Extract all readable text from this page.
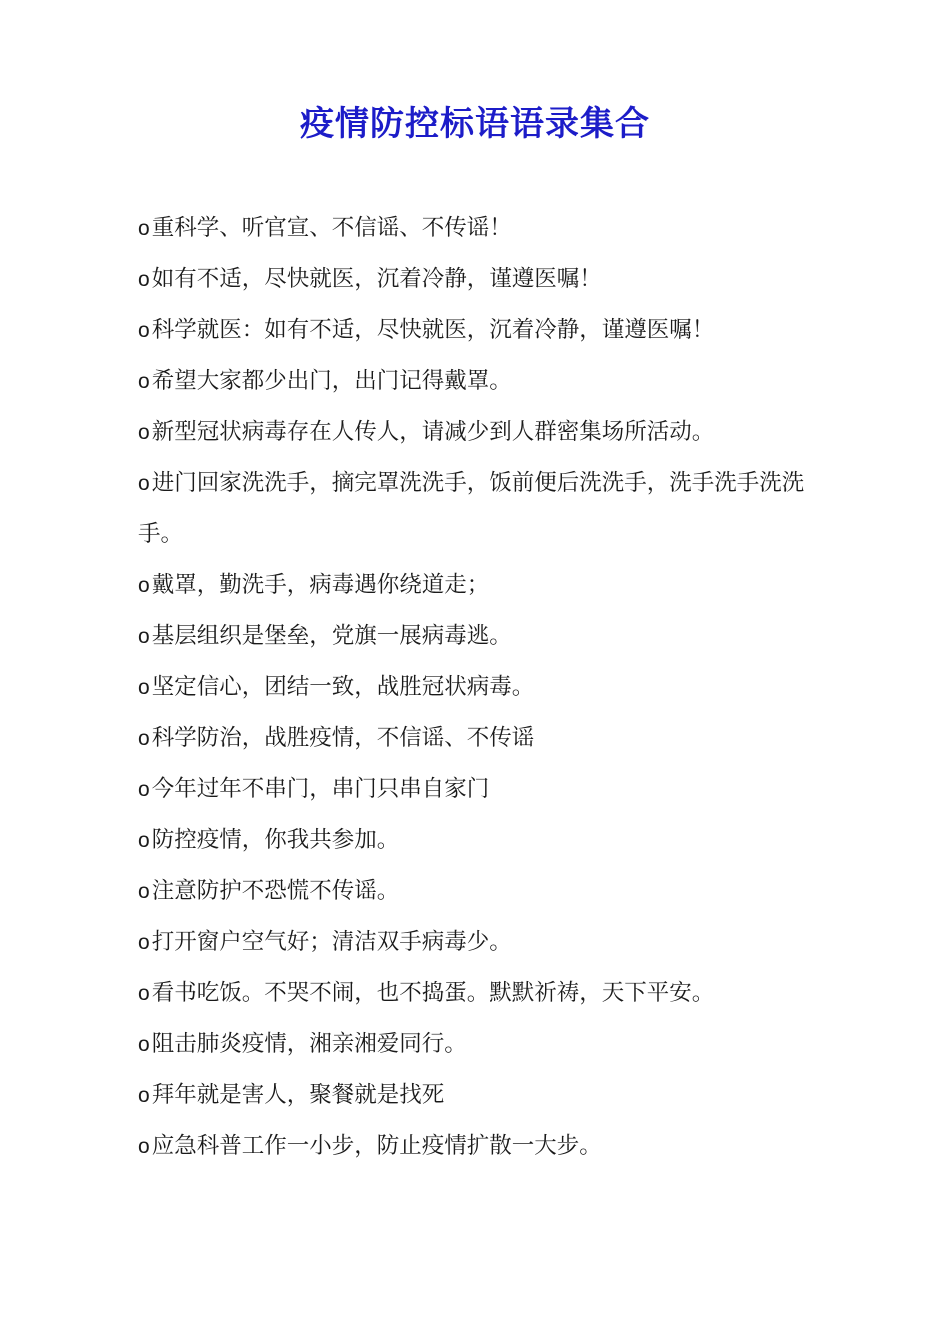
疫情防控标语语录集合
o重科学、听官宣、不信谣、不传谣！
o如有不适，尽快就医，沉着冷静，谨遵医嘱！
o科学就医：如有不适，尽快就医，沉着冷静，谨遵医嘱！
o希望大家都少出门，出门记得戴罩。
o新型冠状病毒存在人传人，请减少到人群密集场所活动。
o进门回家洗洗手，摘完罩洗洗手，饭前便后洗洗手，洗手洗手洗洗手。
o戴罩，勤洗手，病毒遇你绕道走；
o基层组织是堡垒，党旗一展病毒逃。
o坚定信心，团结一致，战胜冠状病毒。
o科学防治，战胜疫情，不信谣、不传谣
o今年过年不串门，串门只串自家门
o防控疫情，你我共参加。
o注意防护不恐慌不传谣。
o打开窗户空气好；清洁双手病毒少。
o看书吃饭。不哭不闹，也不捣蛋。默默祈祷，天下平安。
o阻击肺炎疫情，湘亲湘爱同行。
o拜年就是害人，聚餐就是找死
o应急科普工作一小步，防止疫情扩散一大步。
